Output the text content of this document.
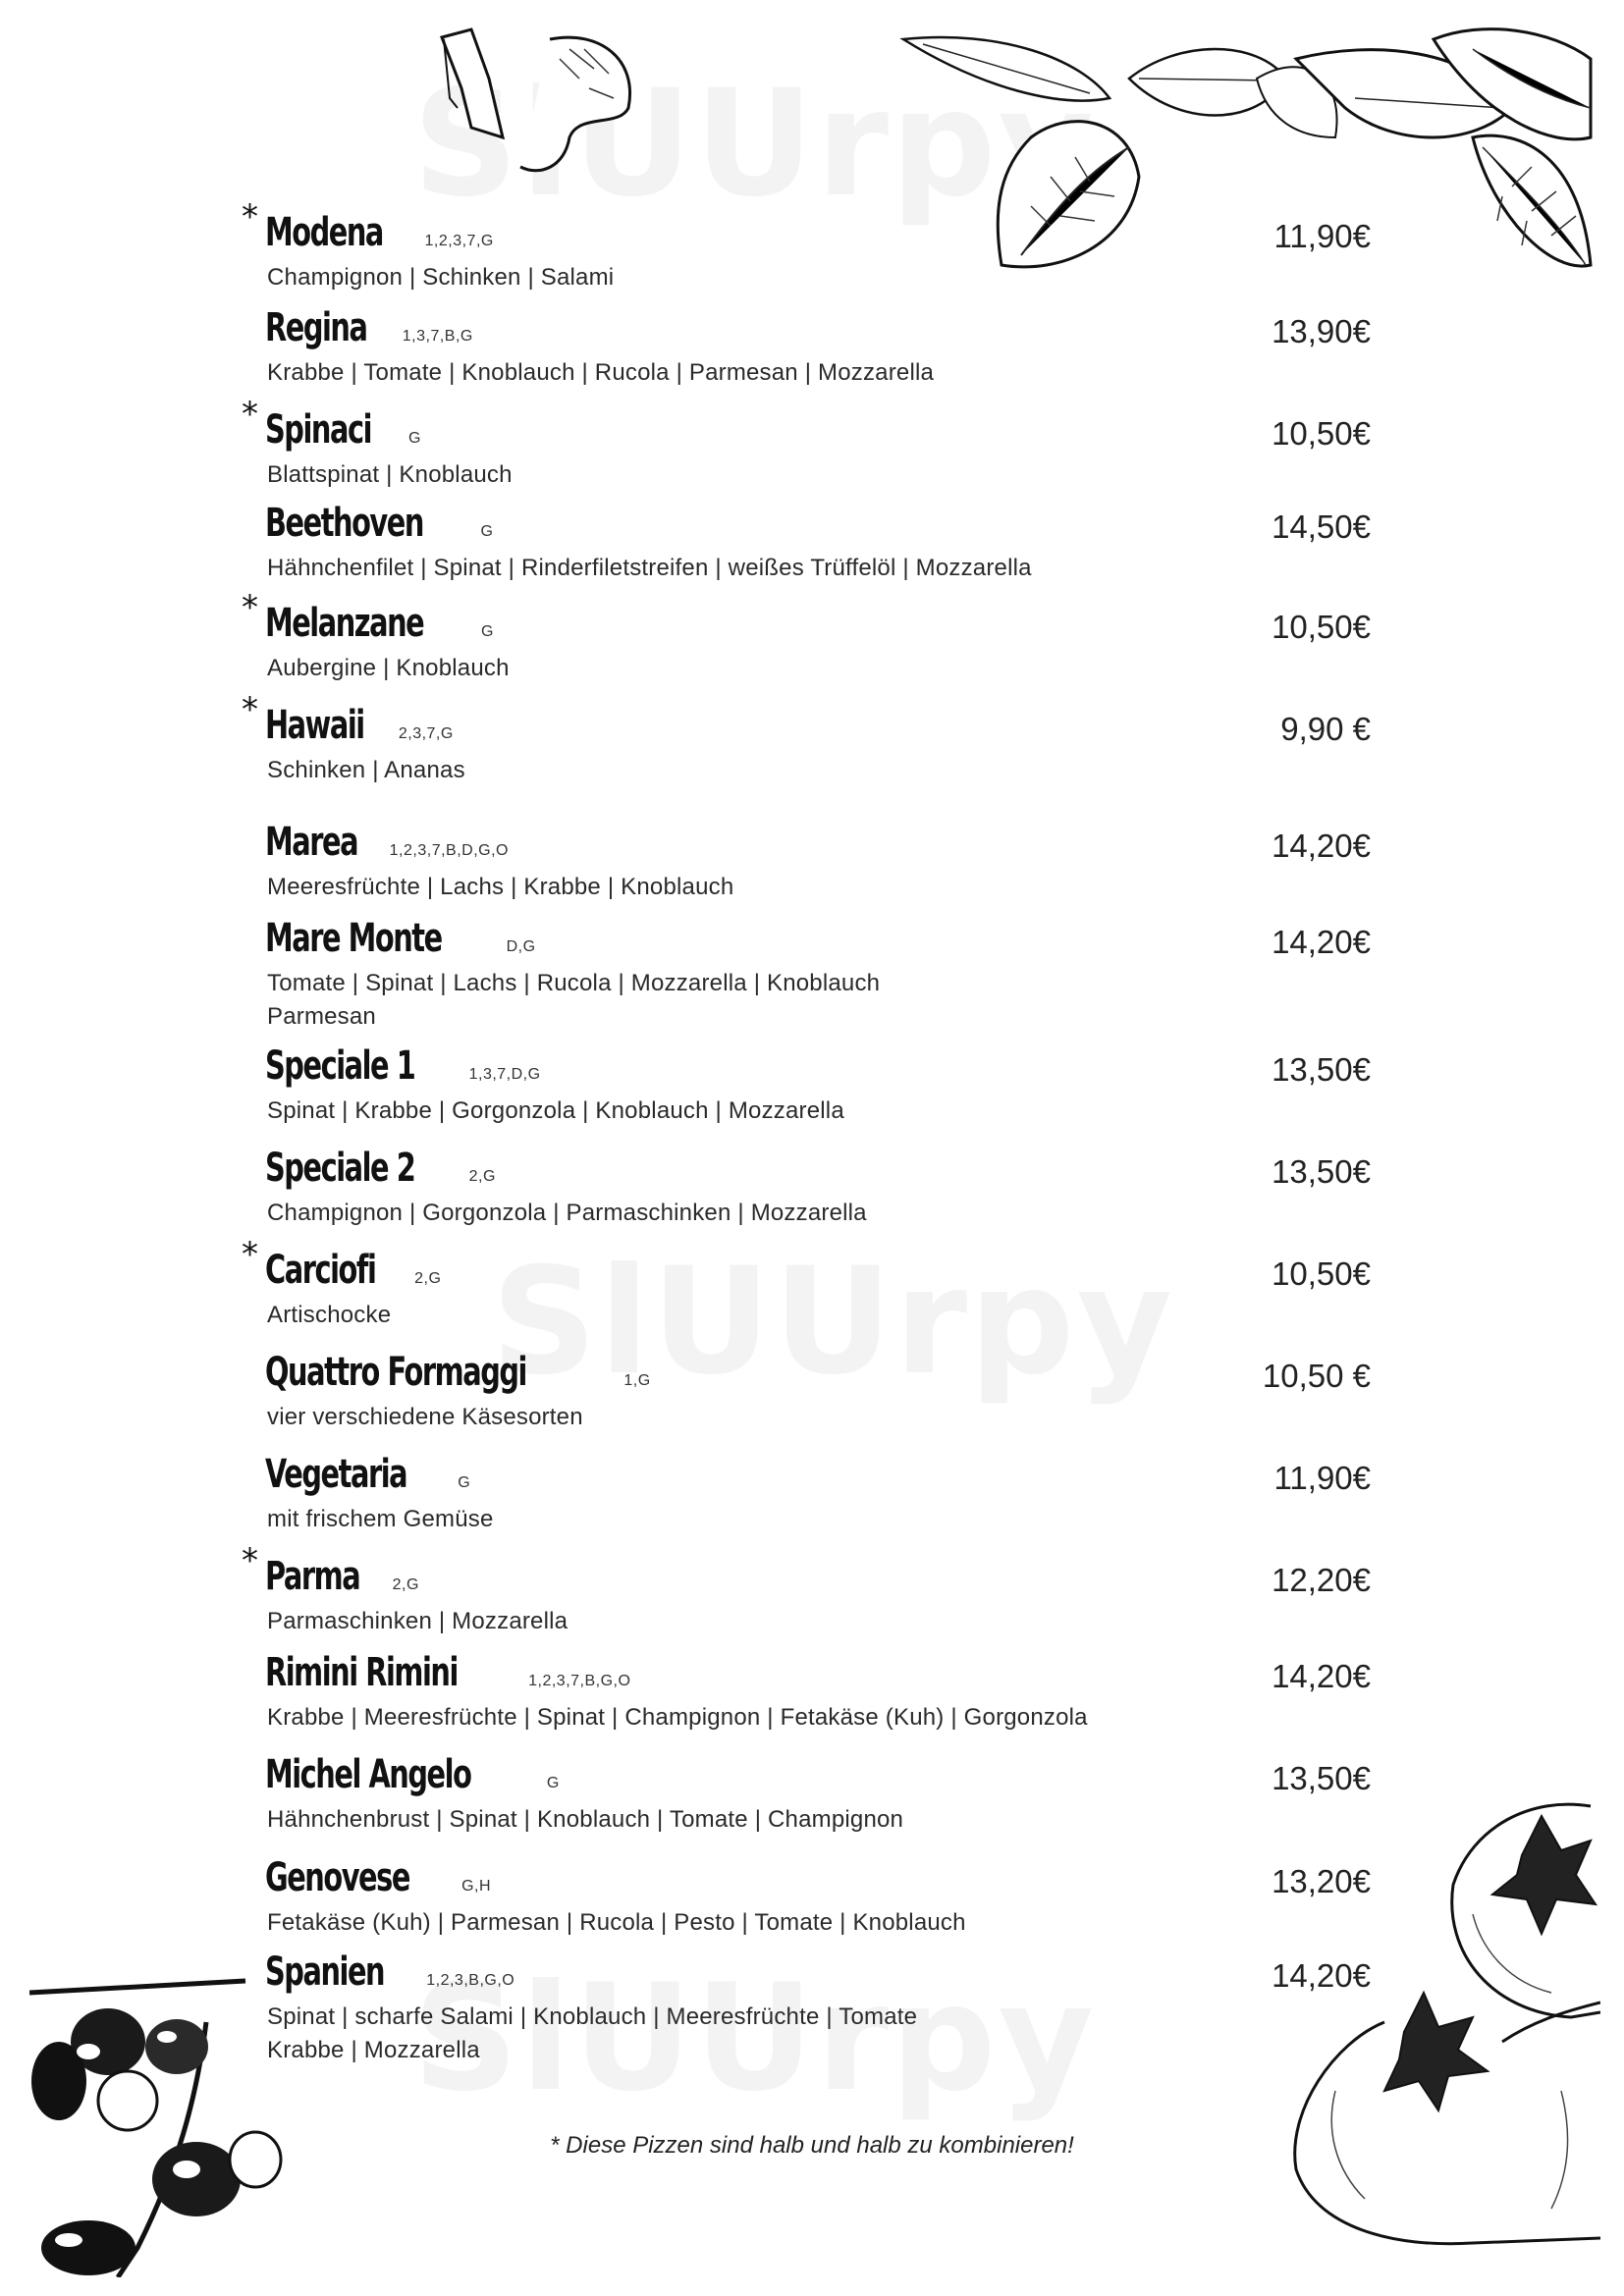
* Modena	1,2,3,7,G
Champignon | Schinken | Salami
11,90€
Regina 1,3,7,B,G
Krabbe | Tomate | Knoblauch | Rucola | Parmesan | Mozzarella
13,90€
* Spinaci G
Blattspinat | Knoblauch
10,50€
Beethoven	G
Hähnchenfilet | Spinat | Rinderfiletstreifen | weißes Trüffelöl | Mozzarella
14,50€
* Melanzane	G
Aubergine | Knoblauch
10,50€
* Hawaii 2,3,7,G
Schinken | Ananas
9,90 €
Marea 1,2,3,7,B,D,G,O
Meeresfrüchte | Lachs | Krabbe | Knoblauch
14,20€
Mare Monte	D,G
Tomate | Spinat | Lachs | Rucola | Mozzarella | Knoblauch
Parmesan
14,20€
Speciale 1	1,3,7,D,G
Spinat | Krabbe | Gorgonzola | Knoblauch | Mozzarella
13,50€
Speciale 2	2,G
Champignon | Gorgonzola | Parmaschinken | Mozzarella
13,50€
* Carciofi 2,G
Artischocke
10,50€
Quattro Formaggi	1,G
vier verschiedene Käsesorten
10,50 €
Vegetaria	G
mit frischem Gemüse
11,90€
* Parma 2,G
Parmaschinken | Mozzarella
12,20€
Rimini Rimini	1,2,3,7,B,G,O
Krabbe | Meeresfrüchte | Spinat | Champignon | Fetakäse (Kuh) | Gorgonzola
14,20€
Michel Angelo	G
Hähnchenbrust | Spinat | Knoblauch | Tomate | Champignon
13,50€
Genovese	G,H
Fetakäse (Kuh) | Parmesan | Rucola | Pesto | Tomate | Knoblauch
13,20€
Spanien	1,2,3,B,G,O
Spinat | scharfe Salami | Knoblauch | Meeresfrüchte | Tomate
Krabbe | Mozzarella
14,20€
* Diese Pizzen sind halb und halb zu kombinieren!
